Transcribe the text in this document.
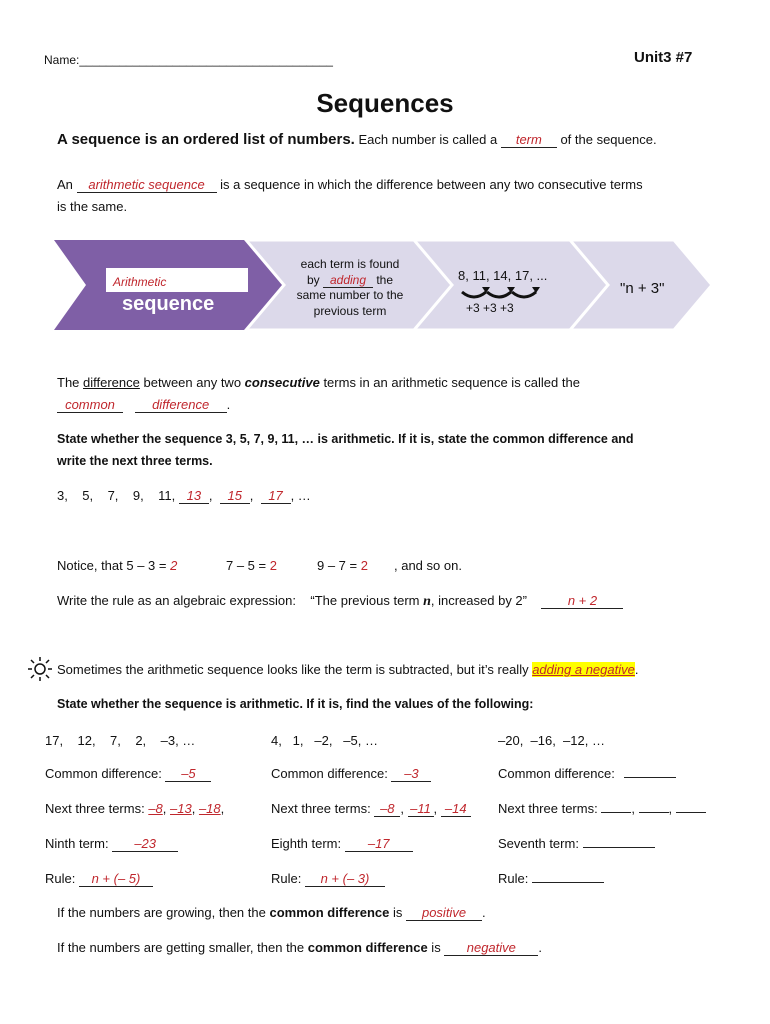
Name:______________________________________	Unit3 #7
Sequences
A sequence is an ordered list of numbers. Each number is called a term of the sequence.
An arithmetic sequence is a sequence in which the difference between any two consecutive terms
is the same.
Arithmetic
sequence
each term is found
by adding the
same number to the
previous term
8, 11, 14, 17, ...
+3 +3 +3
"n + 3"
The difference between any two consecutive terms in an arithmetic sequence is called the
common	difference .
State whether the sequence 3, 5, 7, 9, 11, … is arithmetic. If it is, state the common difference and
write the next three terms.
3,    5,    7,    9,    11, 13 ,  15 ,  17 , …
Notice, that 5 – 3 = 2	7 – 5 = 2	9 – 7 = 2 , and so on.
Write the rule as an algebraic expression:    “The previous term n, increased by 2”	n + 2
Sometimes the arithmetic sequence looks like the term is subtracted, but it’s really adding a negative.
State whether the sequence is arithmetic. If it is, find the values of the following:
17,    12,    7,    2,    –3, …
Common difference: –5
Next three terms: –8, –13, –18,
Ninth term: –23
Rule: n + (– 5)
4,   1,   –2,   –5, …
Common difference: –3
Next three terms: –8 , –11 , –14
Eighth term: –17
Rule: n + (– 3)
–20,  –16,  –12, …
Common difference:
Next three terms: , ,
Seventh term:
Rule:
If the numbers are growing, then the common difference is positive .
If the numbers are getting smaller, then the common difference is negative .
